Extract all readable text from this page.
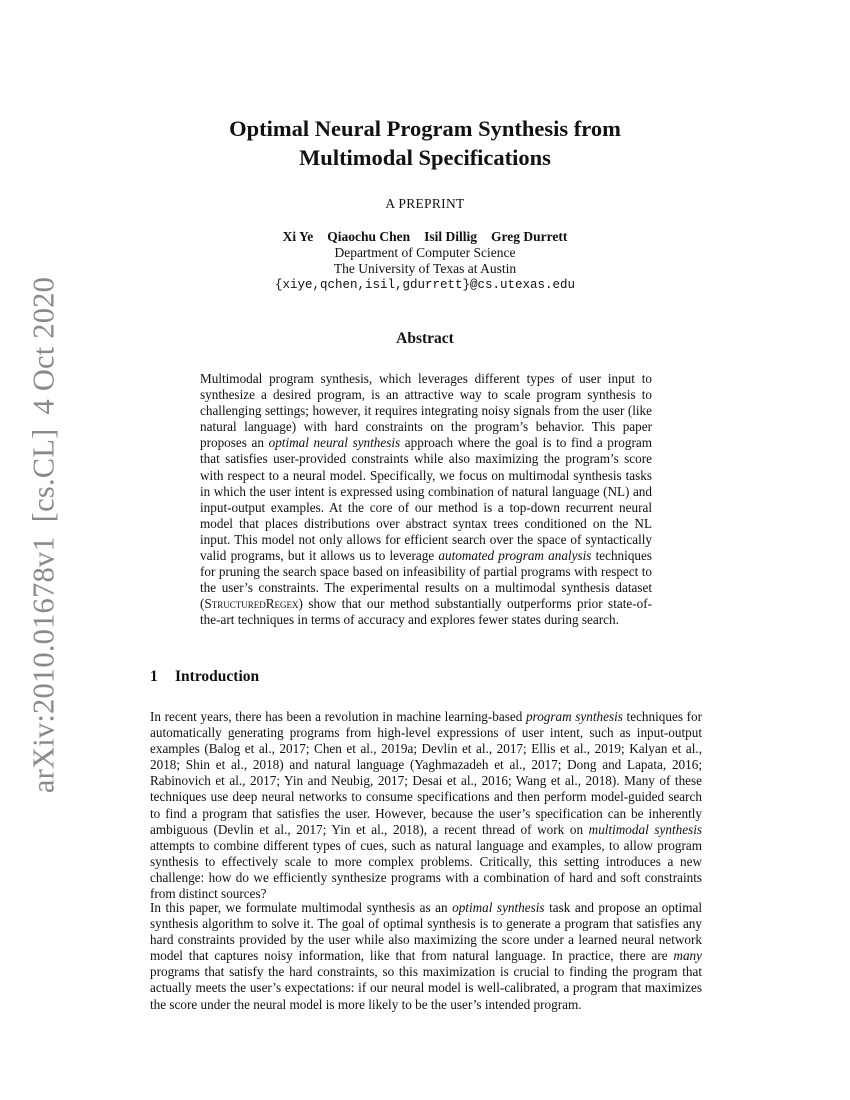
arXiv:2010.01678v1[cs.CL]4 Oct 2020
Optimal Neural Program Synthesis from
Multimodal Specifications
A PREPRINT
Xi Ye Qiaochu Chen Isil Dillig Greg Durrett
Department of Computer Science
The University of Texas at Austin
{xiye,qchen,isil,gdurrett}@cs.utexas.edu
Abstract

Multimodal program synthesis, which leverages different types of user input to synthesize a desired program, is an attractive way to scale program synthesis to challenging settings; however, it requires integrating noisy signals from the user (like natural language) with hard constraints on the program’s behavior. This paper proposes an optimal neural synthesis approach where the goal is to find a program that satisfies user-provided constraints while also maximizing the program’s score with respect to a neural model. Specifically, we focus on multimodal synthesis tasks in which the user intent is expressed using combination of natural language (NL) and input-output examples. At the core of our method is a top-down recurrent neural model that places distributions over abstract syntax trees conditioned on the NL input. This model not only allows for efficient search over the space of syntactically valid programs, but it allows us to leverage automated program analysis techniques for pruning the search space based on infeasibility of partial programs with respect to the user’s constraints. The experimental results on a multimodal synthesis dataset (StructuredRegex) show that our method substantially outperforms prior state-of-the-art techniques in terms of accuracy and explores fewer states during search.

1 Introduction

In recent years, there has been a revolution in machine learning-based program synthesis techniques for automatically generating programs from high-level expressions of user intent, such as input-output examples (Balog et al., 2017; Chen et al., 2019a; Devlin et al., 2017; Ellis et al., 2019; Kalyan et al., 2018; Shin et al., 2018) and natural language (Yaghmazadeh et al., 2017; Dong and Lapata, 2016; Rabinovich et al., 2017; Yin and Neubig, 2017; Desai et al., 2016; Wang et al., 2018). Many of these techniques use deep neural networks to consume specifications and then perform model-guided search to find a program that satisfies the user. However, because the user’s specification can be inherently ambiguous (Devlin et al., 2017; Yin et al., 2018), a recent thread of work on multimodal synthesis attempts to combine different types of cues, such as natural language and examples, to allow program synthesis to effectively scale to more complex problems. Critically, this setting introduces a new challenge: how do we efficiently synthesize programs with a combination of hard and soft constraints from distinct sources?

In this paper, we formulate multimodal synthesis as an optimal synthesis task and propose an optimal synthesis algorithm to solve it. The goal of optimal synthesis is to generate a program that satisfies any hard constraints provided by the user while also maximizing the score under a learned neural network model that captures noisy information, like that from natural language. In practice, there are many programs that satisfy the hard constraints, so this maximization is crucial to finding the program that actually meets the user’s expectations: if our neural model is well-calibrated, a program that maximizes the score under the neural model is more likely to be the user’s intended program.
